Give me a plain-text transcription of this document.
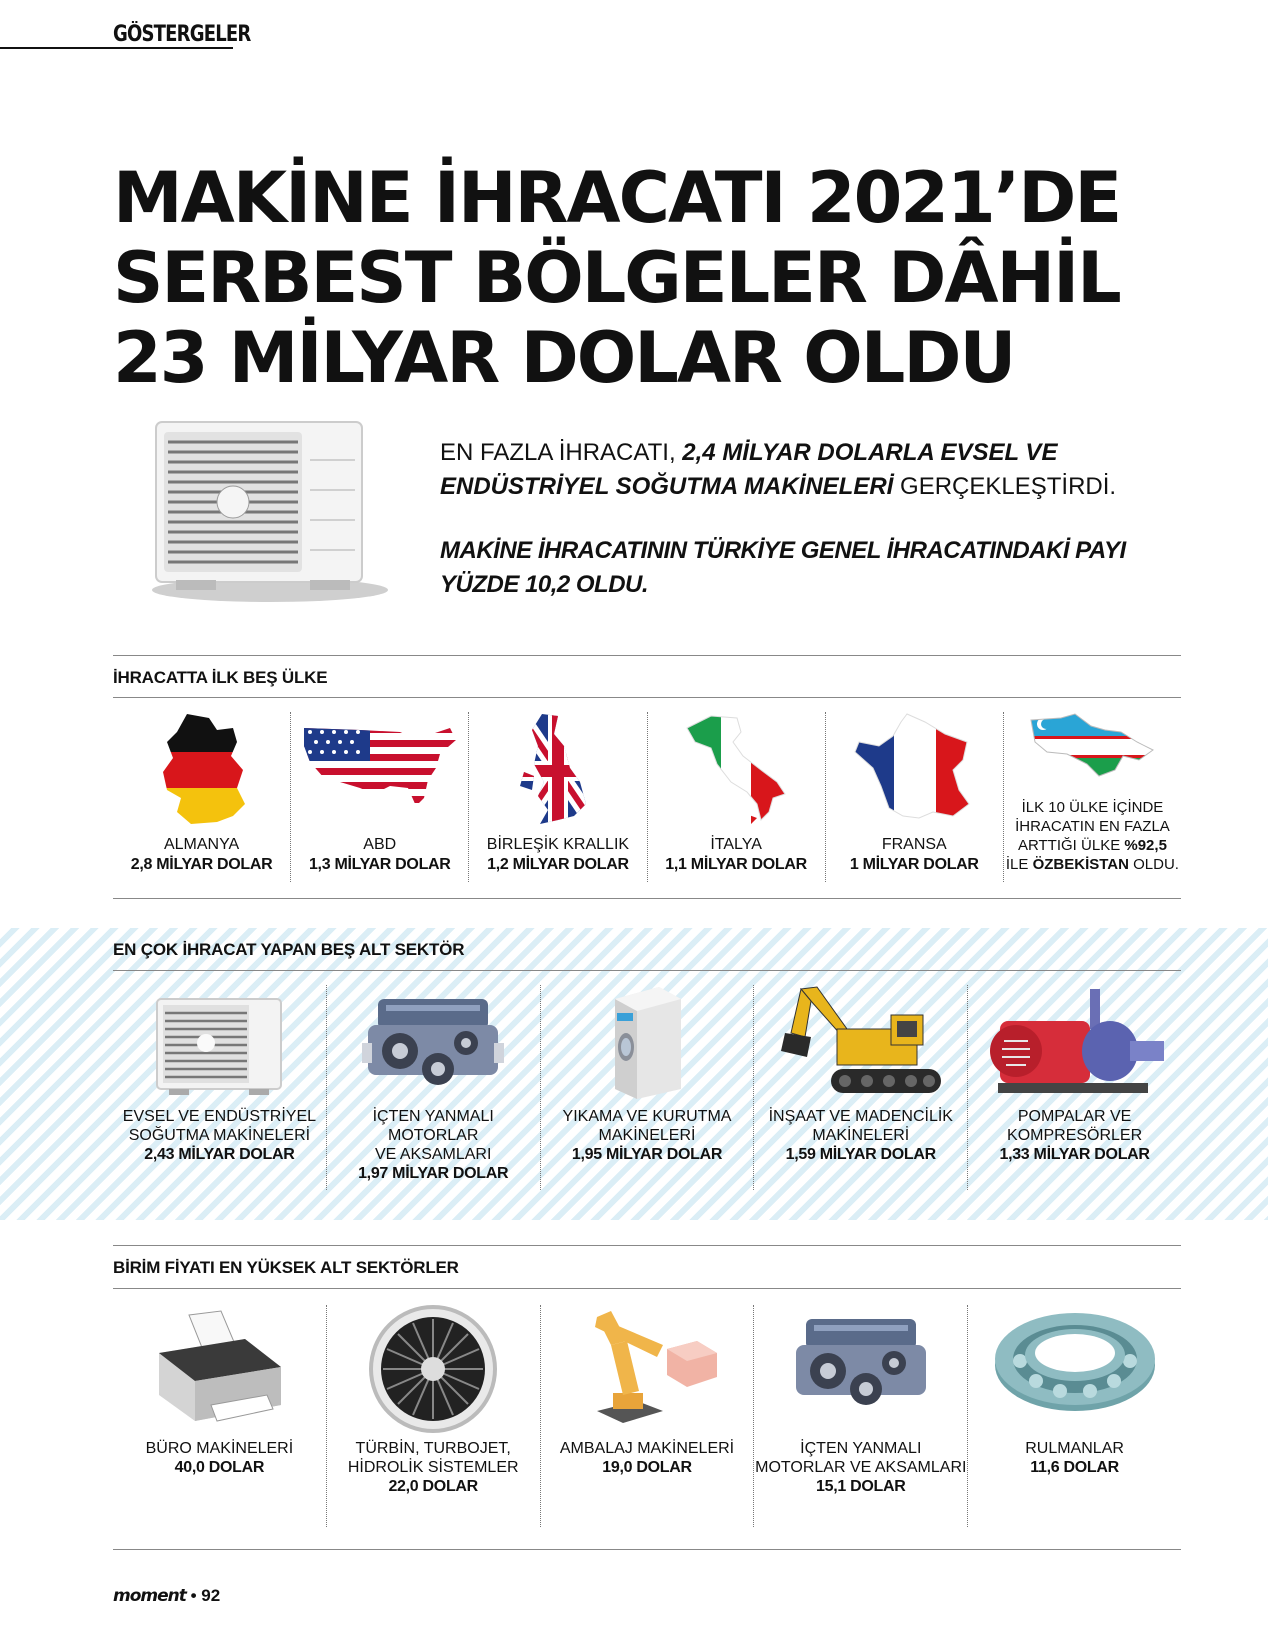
GÖSTERGELER
MAKİNE İHRACATI 2021’DE
SERBEST BÖLGELER DÂHİL
23 MİLYAR DOLAR OLDU
EN FAZLA İHRACATI, 2,4 MİLYAR DOLARLA EVSEL VE ENDÜSTRİYEL SOĞUTMA MAKİNELERİ GERÇEKLEŞTİRDİ.
MAKİNE İHRACATININ TÜRKİYE GENEL İHRACATINDAKİ PAYI YÜZDE 10,2 OLDU.
İHRACATTA İLK BEŞ ÜLKE
ALMANYA
2,8 MİLYAR DOLAR
ABD
1,3 MİLYAR DOLAR
BİRLEŞİK KRALLIK
1,2 MİLYAR DOLAR
İTALYA
1,1 MİLYAR DOLAR
FRANSA
1 MİLYAR DOLAR
İLK 10 ÜLKE İÇİNDE
İHRACATIN EN FAZLA
ARTTIĞI ÜLKE %92,5
İLE ÖZBEKİSTAN OLDU.
EN ÇOK İHRACAT YAPAN BEŞ ALT SEKTÖR
EVSEL VE ENDÜSTRİYEL
SOĞUTMA MAKİNELERİ
2,43 MİLYAR DOLAR
İÇTEN YANMALI MOTORLAR
VE AKSAMLARI
1,97 MİLYAR DOLAR
YIKAMA VE KURUTMA
MAKİNELERİ
1,95 MİLYAR DOLAR
İNŞAAT VE MADENCİLİK
MAKİNELERİ
1,59 MİLYAR DOLAR
POMPALAR VE
KOMPRESÖRLER
1,33 MİLYAR DOLAR
BİRİM FİYATI EN YÜKSEK ALT SEKTÖRLER
BÜRO MAKİNELERİ
40,0 DOLAR
TÜRBİN, TURBOJET,
HİDROLİK SİSTEMLER
22,0 DOLAR
AMBALAJ MAKİNELERİ
19,0 DOLAR
İÇTEN YANMALI
MOTORLAR VE AKSAMLARI
15,1 DOLAR
RULMANLAR
11,6 DOLAR
moment • 92
